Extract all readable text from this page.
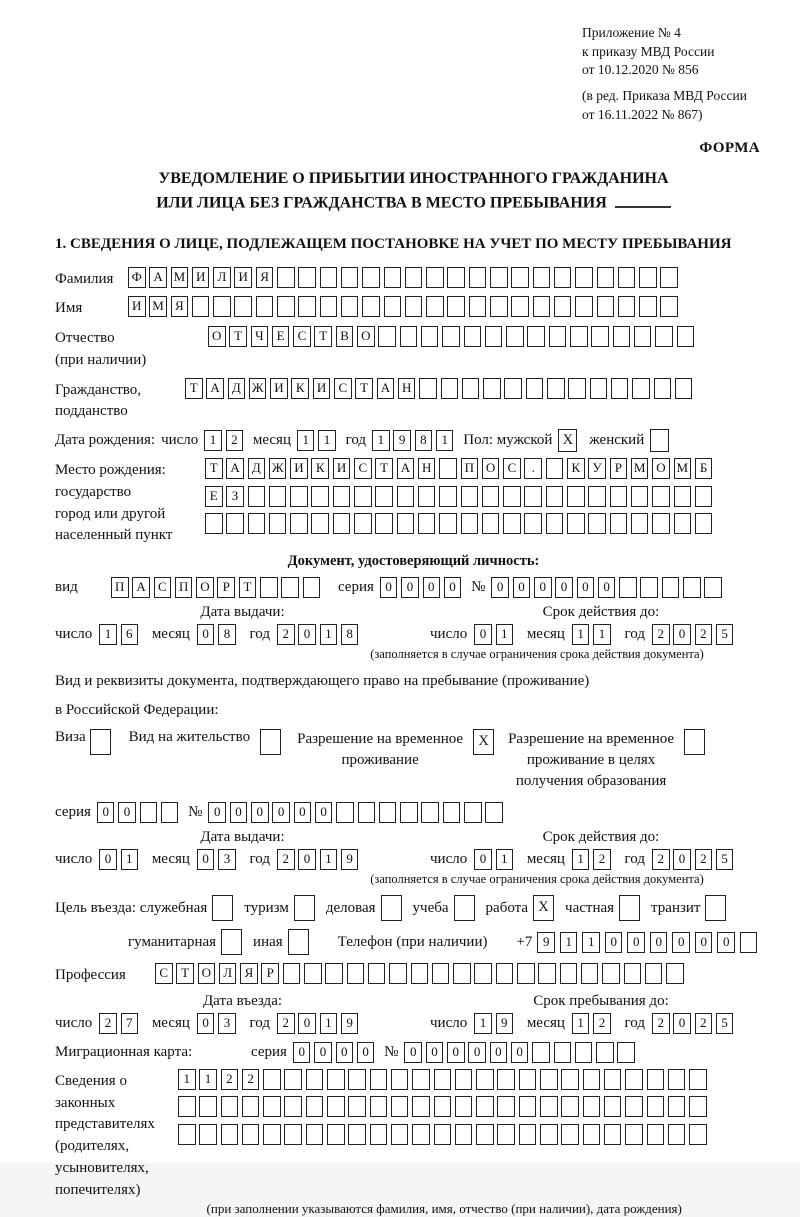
Приложение № 4
к приказу МВД России
от 10.12.2020 № 856
(в ред. Приказа МВД России
от 16.11.2022 № 867)
ФОРМА
УВЕДОМЛЕНИЕ О ПРИБЫТИИ ИНОСТРАННОГО ГРАЖДАНИНА
ИЛИ ЛИЦА БЕЗ ГРАЖДАНСТВА В МЕСТО ПРЕБЫВАНИЯ
1. СВЕДЕНИЯ О ЛИЦЕ, ПОДЛЕЖАЩЕМ ПОСТАНОВКЕ НА УЧЕТ ПО МЕСТУ ПРЕБЫВАНИЯ
Фамилия	Ф А М И Л И Я
Имя	И М Я
Отчество
(при наличии)
О Т	Ч	Е С Т В О
Гражданство,
подданство
Т А Д Ж И К И С Т А Н
Дата рождения: число 1	2	месяц 1	1	год 1	9	8	1	Пол: мужской X женский
Место рождения:
государство
город или другой
населенный пункт
Т А Д Ж И К И С Т А Н	П О С	.	К У	Р М О М Б
Е	З
Документ, удостоверяющий личность:
вид	П А С П О Р	Т	серия 0	0	0	0	№ 0	0	0	0	0	0
Дата выдачи:
число 1	6	месяц 0	8	год 2	0	1	8
Срок действия до:
число 0	1	месяц 1	1	год 2	0	2	5
(заполняется в случае ограничения срока действия документа)
Вид и реквизиты документа, подтверждающего право на пребывание (проживание)
в Российской Федерации:
Виза	Вид на жительство	Разрешение на временное
проживание
X	Разрешение на временное
проживание в целях
получения образования
серия 0	0	№ 0	0	0	0	0	0
Дата выдачи:
число 0	1	месяц 0	3	год 2	0	1	9
Срок действия до:
число 0	1	месяц 1	2	год 2	0	2	5
(заполняется в случае ограничения срока действия документа)
Цель въезда: служебная туризм деловая учеба работа X	частная транзит
гуманитарная иная	Телефон (при наличии) +7 9	1	1	0	0	0	0	0	0
Профессия	С Т О Л Я	Р
Дата въезда:
число 2	7	месяц 0	3	год 2	0	1	9
Срок пребывания до:
число 1	9	месяц 1	2	год 2	0	2	5
Миграционная карта:	серия 0	0	0	0	№ 0	0	0	0	0	0
Сведения о
законных
представителях
(родителях,
усыновителях,
попечителях)
1	1	2	2
(при заполнении указываются фамилия, имя, отчество (при наличии), дата рождения)
